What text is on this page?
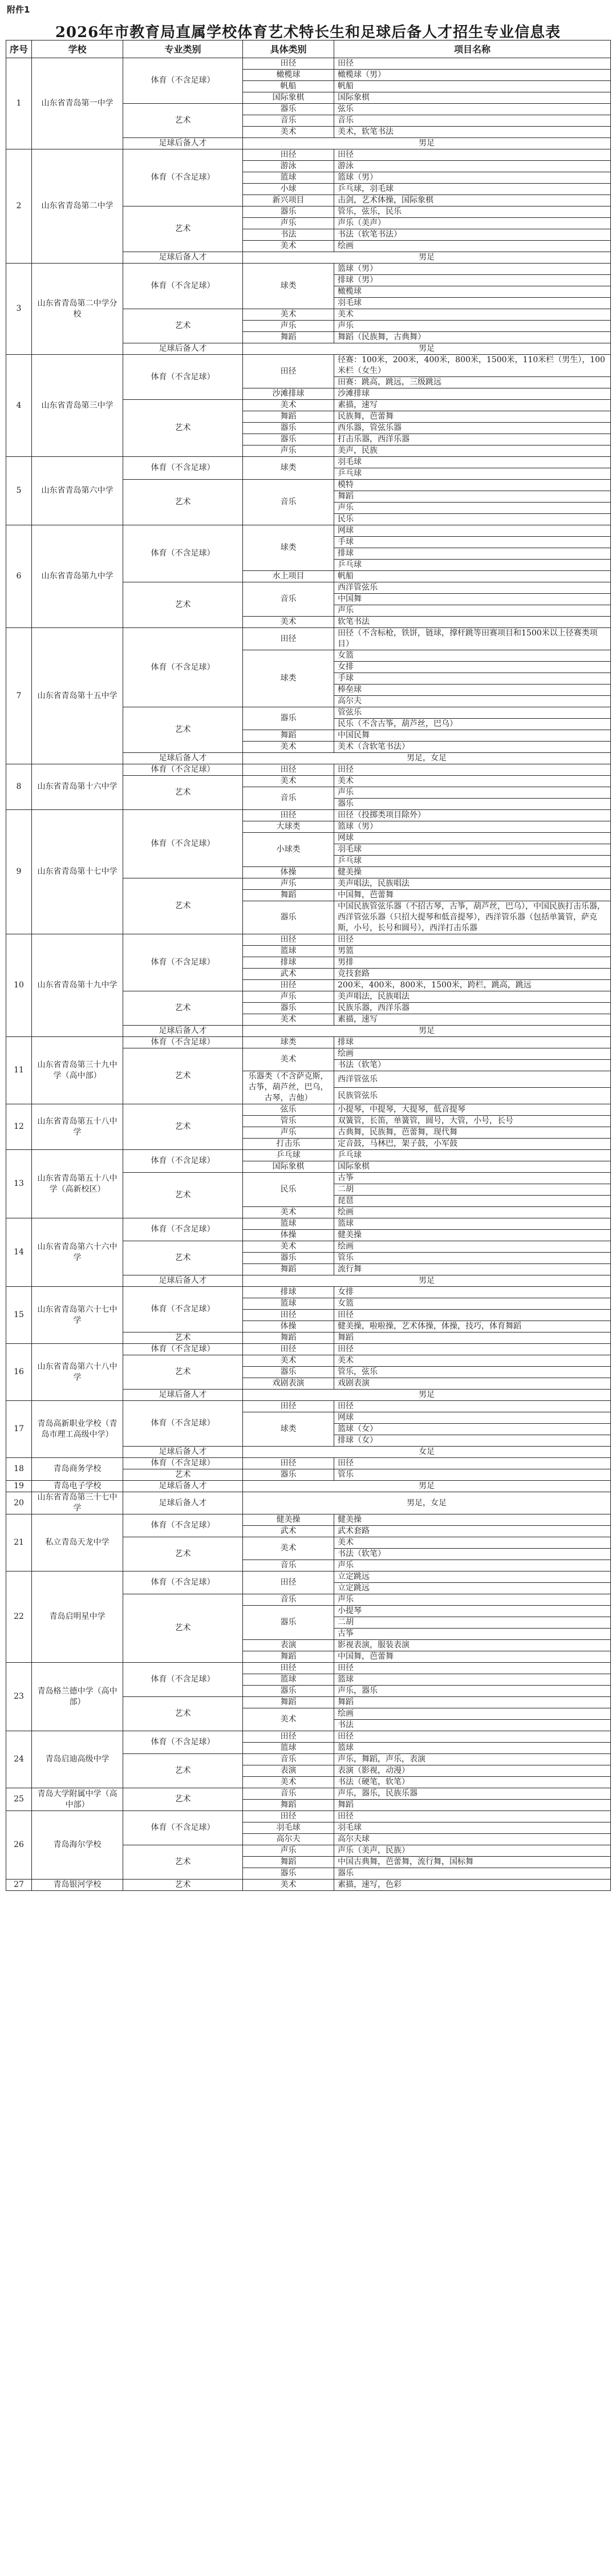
附件1
2026年市教育局直属学校体育艺术特长生和足球后备人才招生专业信息表
序号	学校	专业类别	具体类别	项目名称
1	山东省青岛第一中学	体育（不含足球）	田径	田径
			橄榄球	橄榄球（男）
			帆船	帆船
			国际象棋	国际象棋
		艺术	器乐	弦乐
			音乐	音乐
			美术	美术，软笔书法
		足球后备人才	男足	
2	山东省青岛第二中学	体育（不含足球）	田径	田径
			游泳	游泳
			篮球	篮球（男）
			小球	乒乓球，羽毛球
			新兴项目	击剑，艺术体操，国际象棋
		艺术	器乐	管乐，弦乐，民乐
			声乐	声乐（美声）
			书法	书法（软笔书法）
			美术	绘画
		足球后备人才	男足	
3	山东省青岛第二中学分校	体育（不含足球）	球类	篮球（男）
				排球（男）
				橄榄球
				羽毛球
		艺术	美术	美术
			声乐	声乐
			舞蹈	舞蹈（民族舞，古典舞）
		足球后备人才	男足	
4	山东省青岛第三中学	体育（不含足球）	田径	径赛：100米，200米，400米，800米，1500米，110米栏（男生），100米栏（女生）
				田赛：跳高，跳远，三级跳远
			沙滩排球	沙滩排球
		艺术	美术	素描，速写
			舞蹈	民族舞，芭蕾舞
			器乐	西乐器，管弦乐器
			器乐	打击乐器，西洋乐器
			声乐	美声，民族
5	山东省青岛第六中学	体育（不含足球）	球类	羽毛球
				乒乓球
		艺术	音乐	模特
				舞蹈
				声乐
				民乐
6	山东省青岛第九中学	体育（不含足球）	球类	网球
				手球
				排球
				乒乓球
			水上项目	帆船
		艺术	音乐	西洋管弦乐
				中国舞
				声乐
			美术	软笔书法
7	山东省青岛第十五中学	体育（不含足球）	田径	田径（不含标枪，铁饼，链球，撑杆跳等田赛项目和1500米以上径赛类项目）
			球类	女篮
				女排
				手球
				棒垒球
				高尔夫
		艺术	器乐	管弦乐
				民乐（不含古筝，葫芦丝，巴乌）
			舞蹈	中国民舞
			美术	美术（含软笔书法）
		足球后备人才	男足，女足	
8	山东省青岛第十六中学	体育（不含足球）	田径	田径
		艺术	美术	美术
			音乐	声乐
				器乐
9	山东省青岛第十七中学	体育（不含足球）	田径	田径（投掷类项目除外）
			大球类	篮球（男）
			小球类	网球
				羽毛球
				乒乓球
			体操	健美操
		艺术	声乐	美声唱法，民族唱法
			舞蹈	中国舞，芭蕾舞
			器乐	中国民族管弦乐器（不招古琴，古筝，葫芦丝，巴乌），中国民族打击乐器，西洋管弦乐器（只招大提琴和低音提琴），西洋管乐器（包括单簧管，萨克斯，小号，长号和圆号），西洋打击乐器
10	山东省青岛第十九中学	体育（不含足球）	田径	田径
			篮球	男篮
			排球	男排
			武术	竞技套路
			田径	200米，400米，800米，1500米，跨栏，跳高，跳远
		艺术	声乐	美声唱法，民族唱法
			器乐	民族乐器，西洋乐器
			美术	素描，速写
		足球后备人才	男足	
11	山东省青岛第三十九中学（高中部）	体育（不含足球）	球类	排球
		艺术	美术	绘画
				书法（软笔）
			乐器类（不含萨克斯，古筝，葫芦丝，巴乌，古琴，吉他）	西洋管弦乐
				民族管弦乐
12	山东省青岛第五十八中学	艺术	弦乐	小提琴，中提琴，大提琴，低音提琴
			管乐	双簧管，长笛，单簧管，圆号，大管，小号，长号
			声乐	古典舞，民族舞，芭蕾舞，现代舞
			打击乐	定音鼓，马林巴，架子鼓，小军鼓
13	山东省青岛第五十八中学（高新校区）	体育（不含足球）	乒乓球	乒乓球
			国际象棋	国际象棋
		艺术	民乐	古筝
				二胡
				琵琶
			美术	绘画
14	山东省青岛第六十六中学	体育（不含足球）	篮球	篮球
			体操	健美操
		艺术	美术	绘画
			器乐	管乐
			舞蹈	流行舞
		足球后备人才	男足	
15	山东省青岛第六十七中学	体育（不含足球）	排球	女排
			篮球	女篮
			田径	田径
			体操	健美操，啦啦操，艺术体操，体操，技巧，体育舞蹈
		艺术	舞蹈	舞蹈
16	山东省青岛第六十八中学	体育（不含足球）	田径	田径
		艺术	美术	美术
			器乐	管乐，弦乐
			戏剧表演	戏剧表演
		足球后备人才	男足	
17	青岛高新职业学校（青岛市理工高级中学）	体育（不含足球）	田径	田径
			球类	网球
				篮球（女）
				排球（女）
		足球后备人才	女足	
18	青岛商务学校	体育（不含足球）	田径	田径
		艺术	器乐	管乐
19	青岛电子学校	足球后备人才	男足	
20	山东省青岛第三十七中学	足球后备人才	男足，女足	
21	私立青岛天龙中学	体育（不含足球）	健美操	健美操
			武术	武术套路
		艺术	美术	美术
				书法（软笔）
			音乐	声乐
22	青岛启明星中学	体育（不含足球）	田径	立定跳远
				立定跳远
		艺术	音乐	声乐
			器乐	小提琴
				二胡
				古筝
			表演	影视表演，服装表演
			舞蹈	中国舞，芭蕾舞
23	青岛格兰德中学（高中部）	体育（不含足球）	田径	田径
			篮球	篮球
			器乐	声乐，器乐
		艺术	舞蹈	舞蹈
			美术	绘画
				书法
24	青岛启迪高级中学	体育（不含足球）	田径	田径
			篮球	篮球
		艺术	音乐	声乐，舞蹈，声乐，表演
			表演	表演（影视，动漫）
			美术	书法（硬笔，软笔）
25	青岛大学附属中学（高中部）	艺术	音乐	声乐，器乐，民族乐器
			舞蹈	舞蹈
26	青岛海尔学校	体育（不含足球）	田径	田径
			羽毛球	羽毛球
			高尔夫	高尔夫球
		艺术	声乐	声乐（美声，民族）
			舞蹈	中国古典舞，芭蕾舞，流行舞，国标舞
			器乐	器乐
27	青岛银河学校	艺术	美术	素描，速写，色彩
